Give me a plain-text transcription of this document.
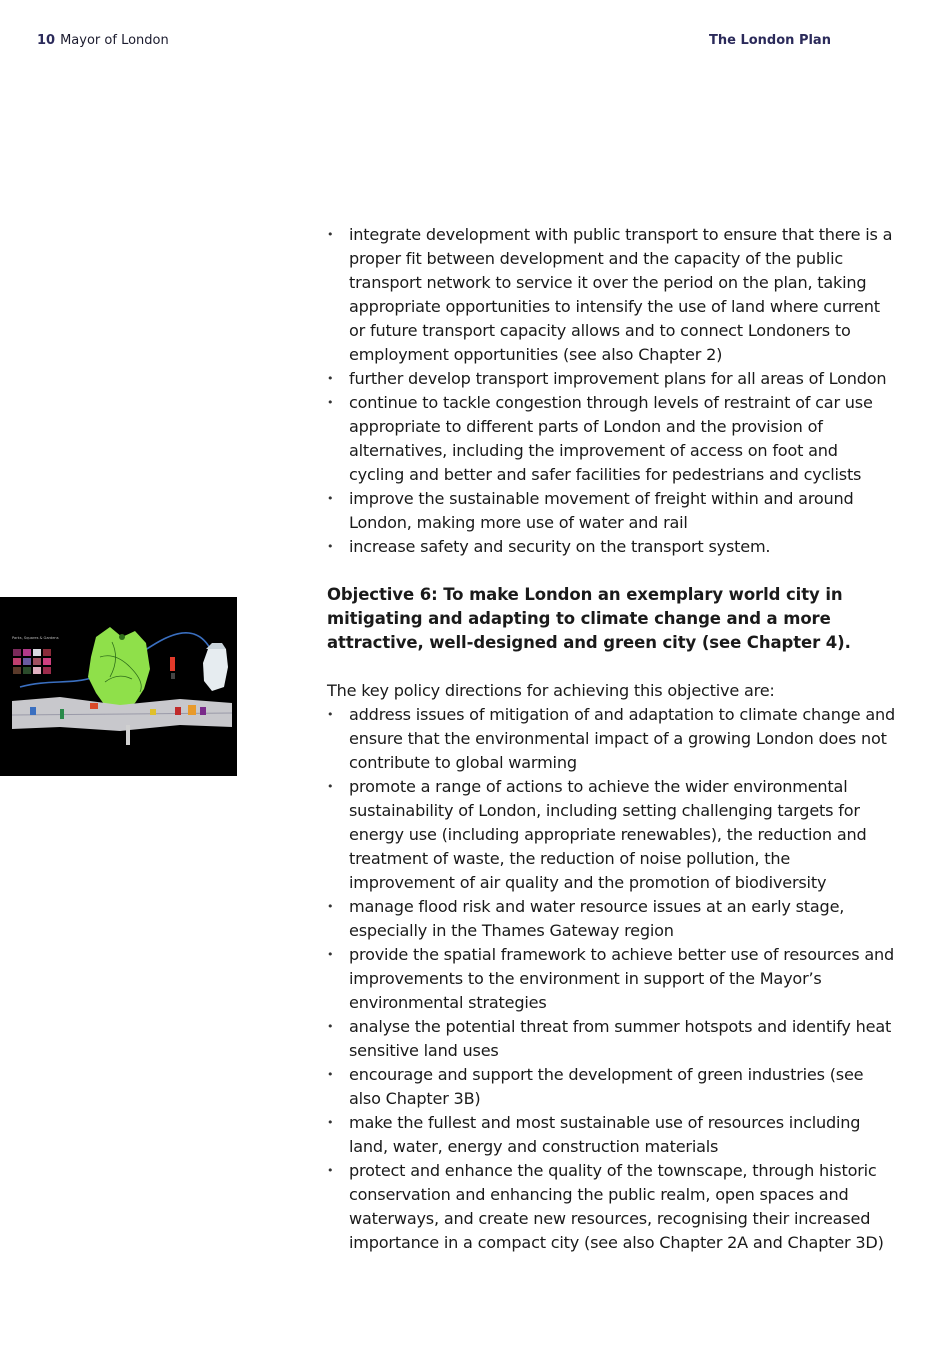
10 Mayor of London	The London Plan
Parks, Squares & Gardens
• integrate development with public transport to ensure that there is a proper fit between development and the capacity of the public transport network to service it over the period on the plan, taking appropriate opportunities to intensify the use of land where current or future transport capacity allows and to connect Londoners to employment opportunities (see also Chapter 2)
• further develop transport improvement plans for all areas of London
• continue to tackle congestion through levels of restraint of car use appropriate to different parts of London and the provision of alternatives, including the improvement of access on foot and cycling and better and safer facilities for pedestrians and cyclists
• improve the sustainable movement of freight within and around London, making more use of water and rail
• increase safety and security on the transport system.

Objective 6: To make London an exemplary world city in mitigating and adapting to climate change and a more attractive, well-designed and green city (see Chapter 4).

The key policy directions for achieving this objective are:

• address issues of mitigation of and adaptation to climate change and ensure that the environmental impact of a growing London does not contribute to global warming
• promote a range of actions to achieve the wider environmental sustainability of London, including setting challenging targets for energy use (including appropriate renewables), the reduction and treatment of waste, the reduction of noise pollution, the improvement of air quality and the promotion of biodiversity
• manage flood risk and water resource issues at an early stage, especially in the Thames Gateway region
• provide the spatial framework to achieve better use of resources and improvements to the environment in support of the Mayor’s environmental strategies
• analyse the potential threat from summer hotspots and identify heat sensitive land uses
• encourage and support the development of green industries (see also Chapter 3B)
• make the fullest and most sustainable use of resources including land, water, energy and construction materials
• protect and enhance the quality of the townscape, through historic conservation and enhancing the public realm, open spaces and waterways, and create new resources, recognising their increased importance in a compact city (see also Chapter 2A and Chapter 3D)
